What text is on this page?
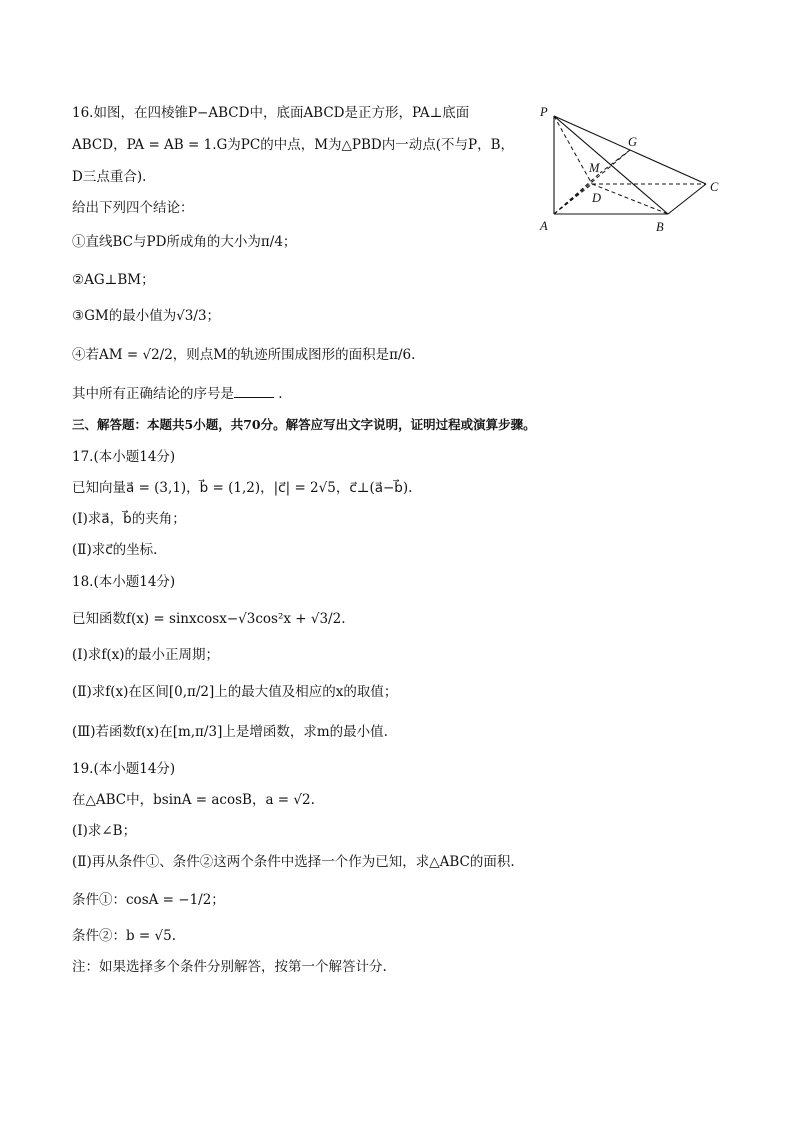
16.如图，在四棱锥P−ABCD中，底面ABCD是正方形，PA⊥底面
ABCD，PA = AB = 1.G为PC的中点，M为△PBD内一动点(不与P，B，
D三点重合).
给出下列四个结论：
①直线BC与PD所成角的大小为π/4；
②AG⊥BM；
③GM的最小值为√3/3；
④若AM = √2/2，则点M的轨迹所围成图形的面积是π/6.
其中所有正确结论的序号是	.
三、解答题：本题共5小题，共70分。解答应写出文字说明，证明过程或演算步骤。
17.(本小题14分)
已知向量a⃗ = (3,1)，b⃗ = (1,2)，|c⃗| = 2√5，c⃗⊥(a⃗−b⃗).
(Ⅰ)求a⃗，b⃗的夹角；
(Ⅱ)求c⃗的坐标.
18.(本小题14分)
已知函数f(x) = sinxcosx−√3cos²x + √3/2.
(Ⅰ)求f(x)的最小正周期；
(Ⅱ)求f(x)在区间[0,π/2]上的最大值及相应的x的取值；
(Ⅲ)若函数f(x)在[m,π/3]上是增函数，求m的最小值.
19.(本小题14分)
在△ABC中，bsinA = acosB，a = √2.
(Ⅰ)求∠B；
(Ⅱ)再从条件①、条件②这两个条件中选择一个作为已知，求△ABC的面积.
条件①：cosA = −1/2；
条件②：b = √5.
注：如果选择多个条件分别解答，按第一个解答计分.
P
G
M
D
C
A	B
